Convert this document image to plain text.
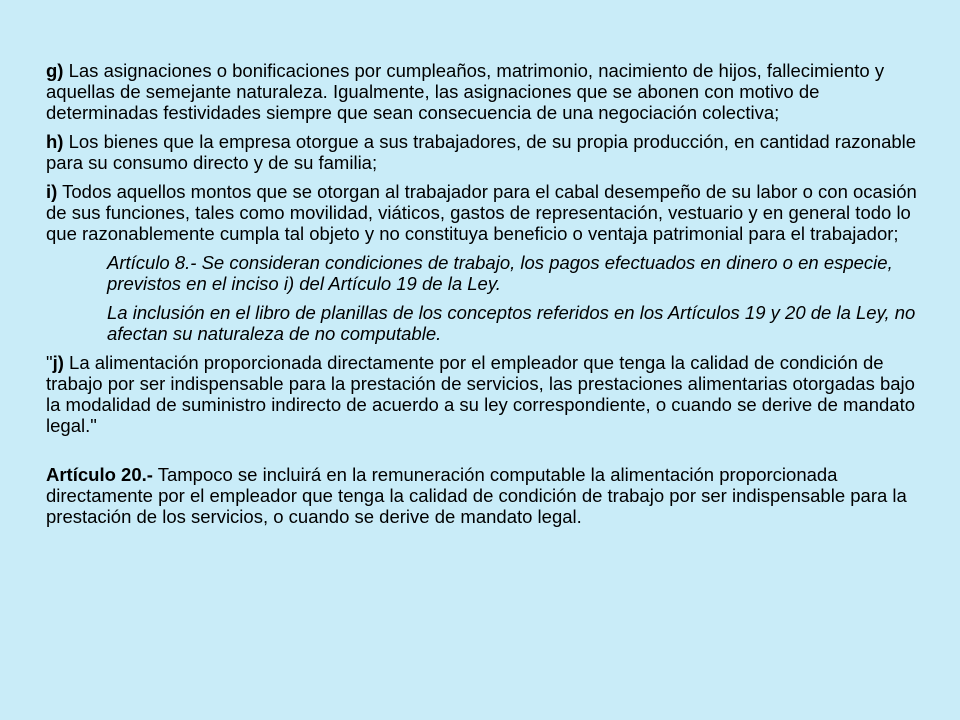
g) Las asignaciones o bonificaciones por cumpleaños, matrimonio, nacimiento de hijos, fallecimiento y aquellas de semejante naturaleza. Igualmente, las asignaciones que se abonen con motivo de determinadas festividades siempre que sean consecuencia de una negociación colectiva;

h) Los bienes que la empresa otorgue a sus trabajadores, de su propia producción, en cantidad razonable para su consumo directo y de su familia;

i) Todos aquellos montos que se otorgan al trabajador para el cabal desempeño de su labor o con ocasión de sus funciones, tales como movilidad, viáticos, gastos de representación, vestuario y en general todo lo que razonablemente cumpla tal objeto y no constituya beneficio o ventaja patrimonial para el trabajador;

Artículo 8.- Se consideran condiciones de trabajo, los pagos efectuados en dinero o en especie, previstos en el inciso i) del Artículo 19 de la Ley.

La inclusión en el libro de planillas de los conceptos referidos en los Artículos 19 y 20 de la Ley, no afectan su naturaleza de no computable.

"j) La alimentación proporcionada directamente por el empleador que tenga la calidad de condición de trabajo por ser indispensable para la prestación de servicios, las prestaciones alimentarias otorgadas bajo la modalidad de suministro indirecto de acuerdo a su ley correspondiente, o cuando se derive de mandato legal."

Artículo 20.- Tampoco se incluirá en la remuneración computable la alimentación proporcionada directamente por el empleador que tenga la calidad de condición de trabajo por ser indispensable para la prestación de los servicios, o cuando se derive de mandato legal.
